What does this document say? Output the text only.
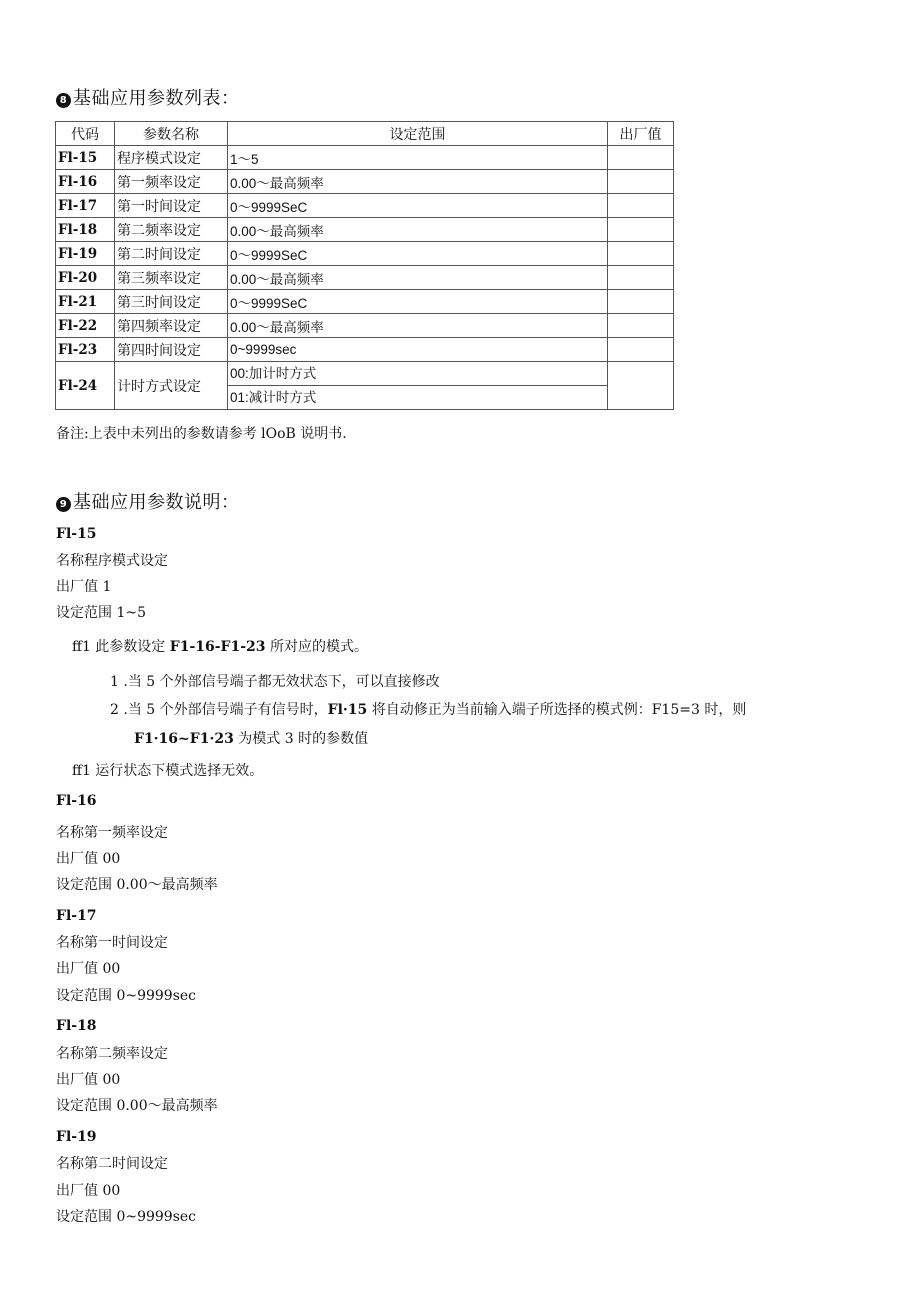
8 基础应用参数列表：
代码	参数名称	设定范围	出厂值
Fl-15	程序模式设定	1～5	
Fl-16	第一频率设定	0.00～最高频率	
Fl-17	第一时间设定	0～9999SeC	
Fl-18	第二频率设定	0.00～最高频率	
Fl-19	第二时间设定	0～9999SeC	
Fl-20	第三频率设定	0.00～最高频率	
Fl-21	第三时间设定	0～9999SeC	
Fl-22	第四频率设定	0.00～最高频率	
Fl-23	第四时间设定	0~9999sec	
Fl-24	计时方式设定	00:加计时方式
01:减计时方式	

备注:上表中未列出的参数请参考 lOoB 说明书.
9 基础应用参数说明：
Fl-15
名称程序模式设定
出厂值 1
设定范围 1~5
ff1 此参数设定 F1-16-F1-23 所对应的模式。
1 .当 5 个外部信号端子都无效状态下，可以直接修改
2 .当 5 个外部信号端子有信号时，Fl·15 将自动修正为当前输入端子所选择的模式例：F15=3 时，则
F1·16~F1·23 为模式 3 时的参数值
ff1 运行状态下模式选择无效。
Fl-16
名称第一频率设定
出厂值 00
设定范围 0.00～最高频率
Fl-17
名称第一时间设定
出厂值 00
设定范围 0~9999sec
Fl-18
名称第二频率设定
出厂值 00
设定范围 0.00～最高频率
Fl-19
名称第二时间设定
出厂值 00
设定范围 0~9999sec
